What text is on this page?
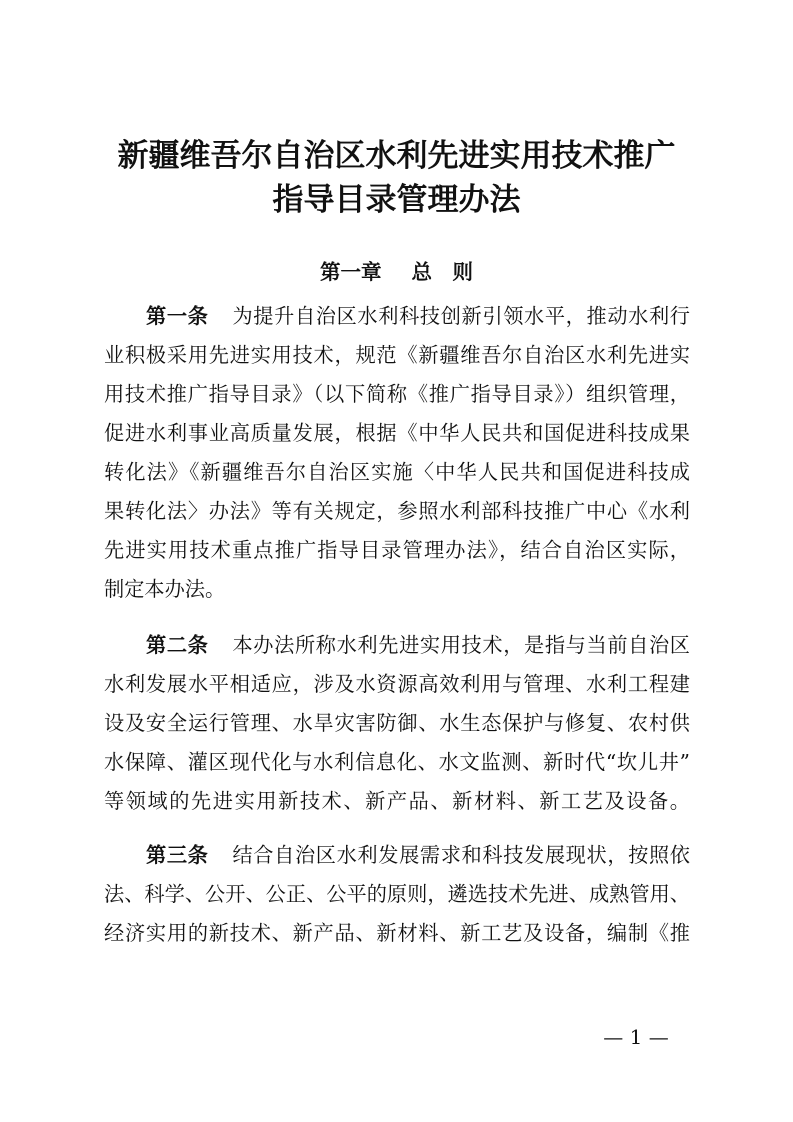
新疆维吾尔自治区水利先进实用技术推广
指导目录管理办法
第一章 总　则
第一条 为提升自治区水利科技创新引领水平，推动水利行
业积极采用先进实用技术，规范《新疆维吾尔自治区水利先进实
用技术推广指导目录》（以下简称《推广指导目录》）组织管理，
促进水利事业高质量发展，根据《中华人民共和国促进科技成果
转化法》《新疆维吾尔自治区实施〈中华人民共和国促进科技成
果转化法〉办法》等有关规定，参照水利部科技推广中心《水利
先进实用技术重点推广指导目录管理办法》，结合自治区实际，
制定本办法。
第二条 本办法所称水利先进实用技术，是指与当前自治区
水利发展水平相适应，涉及水资源高效利用与管理、水利工程建
设及安全运行管理、水旱灾害防御、水生态保护与修复、农村供
水保障、灌区现代化与水利信息化、水文监测、新时代“坎儿井”
等领域的先进实用新技术、新产品、新材料、新工艺及设备。
第三条 结合自治区水利发展需求和科技发展现状，按照依
法、科学、公开、公正、公平的原则，遴选技术先进、成熟管用、
经济实用的新技术、新产品、新材料、新工艺及设备，编制《推
— 1 —
